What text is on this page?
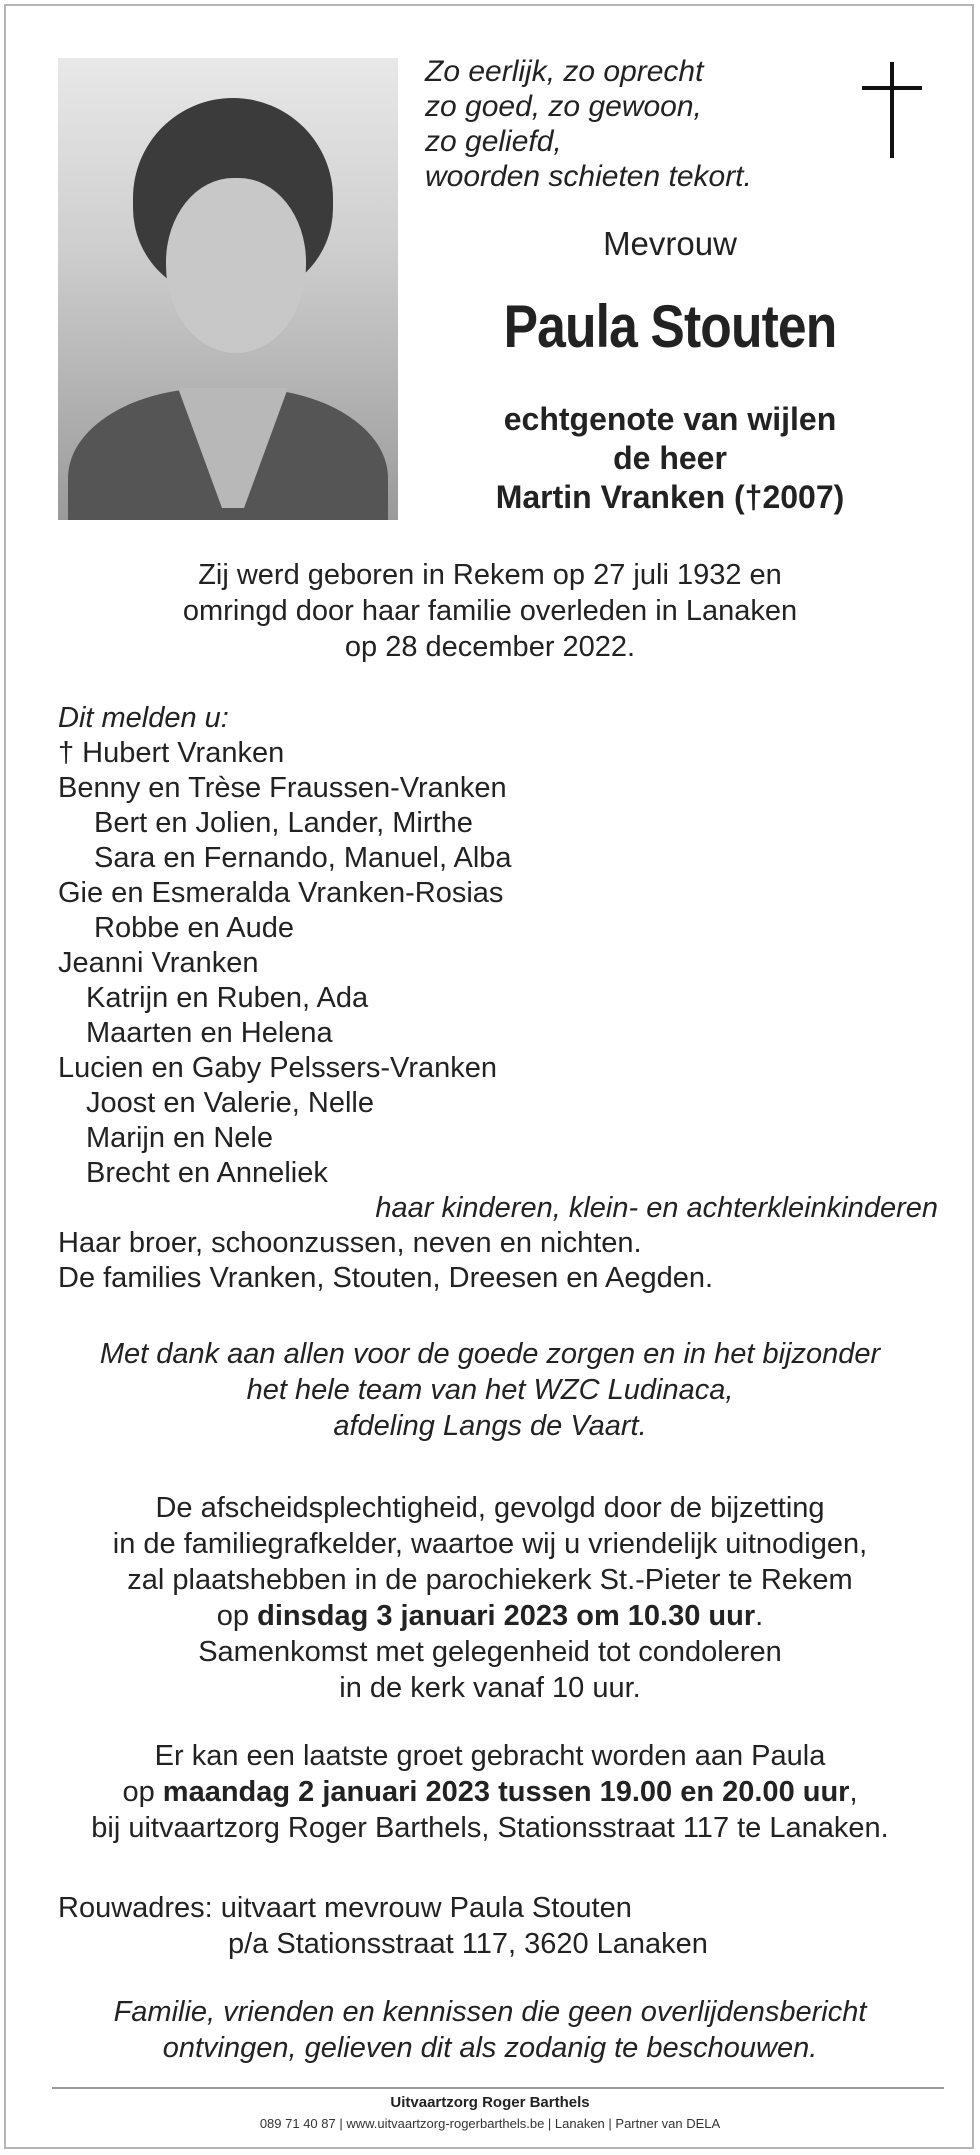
Zo eerlijk, zo oprecht
zo goed, zo gewoon,
zo geliefd,
woorden schieten tekort.
Mevrouw
Paula Stouten
echtgenote van wijlen
de heer
Martin Vranken (†2007)
Zij werd geboren in Rekem op 27 juli 1932 en
omringd door haar familie overleden in Lanaken
op 28 december 2022.
Dit melden u:
† Hubert Vranken
Benny en Trèse Fraussen-Vranken
Bert en Jolien, Lander, Mirthe
Sara en Fernando, Manuel, Alba
Gie en Esmeralda Vranken-Rosias
Robbe en Aude
Jeanni Vranken
Katrijn en Ruben, Ada
Maarten en Helena
Lucien en Gaby Pelssers-Vranken
Joost en Valerie, Nelle
Marijn en Nele
Brecht en Anneliek
haar kinderen, klein- en achterkleinkinderen
Haar broer, schoonzussen, neven en nichten.
De families Vranken, Stouten, Dreesen en Aegden.
Met dank aan allen voor de goede zorgen en in het bijzonder
het hele team van het WZC Ludinaca,
afdeling Langs de Vaart.
De afscheidsplechtigheid, gevolgd door de bijzetting
in de familiegrafkelder, waartoe wij u vriendelijk uitnodigen,
zal plaatshebben in de parochiekerk St.-Pieter te Rekem
op dinsdag 3 januari 2023 om 10.30 uur.
Samenkomst met gelegenheid tot condoleren
in de kerk vanaf 10 uur.
Er kan een laatste groet gebracht worden aan Paula
op maandag 2 januari 2023 tussen 19.00 en 20.00 uur,
bij uitvaartzorg Roger Barthels, Stationsstraat 117 te Lanaken.
Rouwadres: uitvaart mevrouw Paula Stouten
p/a Stationsstraat 117, 3620 Lanaken
Familie, vrienden en kennissen die geen overlijdensbericht
ontvingen, gelieven dit als zodanig te beschouwen.
Uitvaartzorg Roger Barthels
089 71 40 87 | www.uitvaartzorg-rogerbarthels.be | Lanaken | Partner van DELA
